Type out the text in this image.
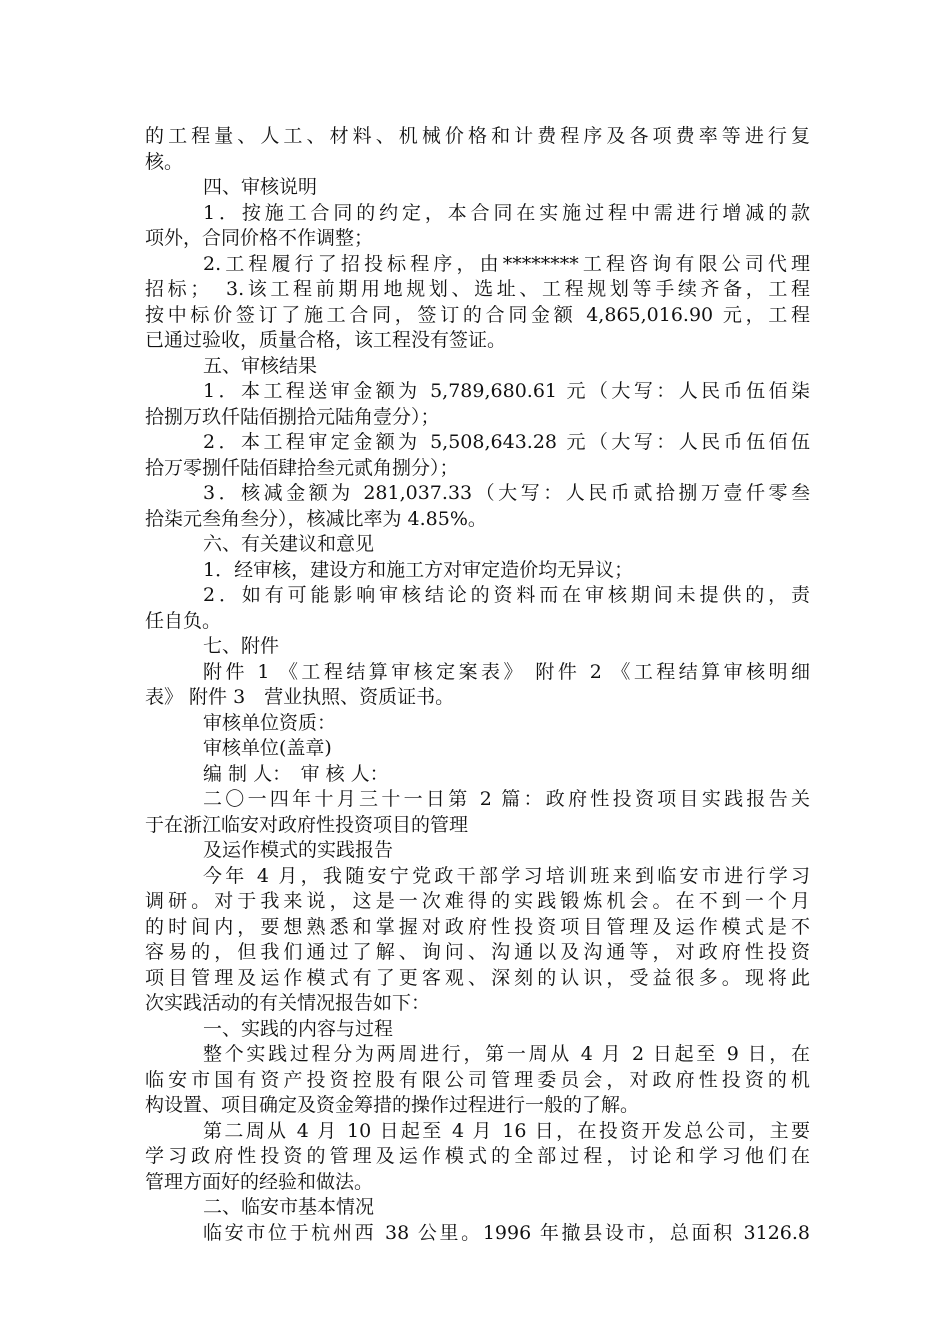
的工程量、人工、材料、机械价格和计费程序及各项费率等进行复
核。
四、审核说明
1．按施工合同的约定，本合同在实施过程中需进行增减的款
项外，合同价格不作调整；
2.工程履行了招投标程序，由********工程咨询有限公司代理
招标；　3.该工程前期用地规划、选址、工程规划等手续齐备，工程
按中标价签订了施工合同，签订的合同金额 4,865,016.90 元，工程
已通过验收，质量合格，该工程没有签证。
五、审核结果
1．本工程送审金额为 5,789,680.61 元（大写：人民币伍佰柒
拾捌万玖仟陆佰捌拾元陆角壹分）；
2．本工程审定金额为 5,508,643.28 元（大写：人民币伍佰伍
拾万零捌仟陆佰肆拾叁元贰角捌分）；
3．核减金额为 281,037.33（大写：人民币贰拾捌万壹仟零叁
拾柒元叁角叁分），核减比率为 4.85%。
六、有关建议和意见
1．经审核，建设方和施工方对审定造价均无异议；
2．如有可能影响审核结论的资料而在审核期间未提供的，责
任自负。
七、附件
附件 1 《工程结算审核定案表》 附件 2 《工程结算审核明细
表》 附件 3　营业执照、资质证书。
审核单位资质：
审核单位(盖章)
编 制 人：　审 核 人：
二〇一四年十月三十一日第 2 篇：政府性投资项目实践报告关
于在浙江临安对政府性投资项目的管理
及运作模式的实践报告
今年 4 月，我随安宁党政干部学习培训班来到临安市进行学习
调研。对于我来说，这是一次难得的实践锻炼机会。在不到一个月
的时间内，要想熟悉和掌握对政府性投资项目管理及运作模式是不
容易的，但我们通过了解、询问、沟通以及沟通等，对政府性投资
项目管理及运作模式有了更客观、深刻的认识，受益很多。现将此
次实践活动的有关情况报告如下：
一、实践的内容与过程
整个实践过程分为两周进行，第一周从 4 月 2 日起至 9 日，在
临安市国有资产投资控股有限公司管理委员会，对政府性投资的机
构设置、项目确定及资金筹措的操作过程进行一般的了解。
第二周从 4 月 10 日起至 4 月 16 日，在投资开发总公司，主要
学习政府性投资的管理及运作模式的全部过程，讨论和学习他们在
管理方面好的经验和做法。
二、临安市基本情况
临安市位于杭州西 38 公里。1996 年撤县设市，总面积 3126.8
